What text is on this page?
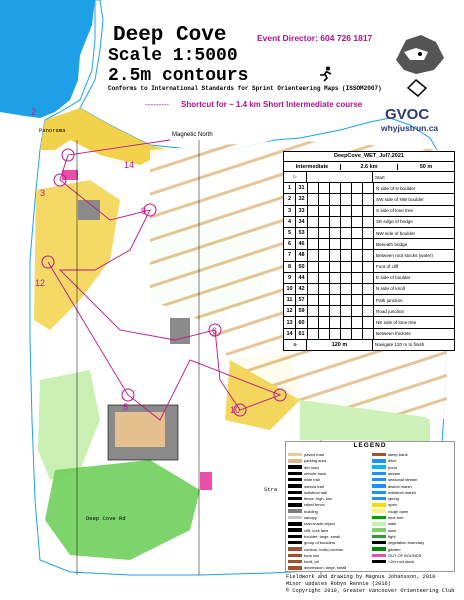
Deep Cove
Scale 1:5000
2.5m contours
Conforms to International Standards for Sprint Orienteering Maps (ISSOM2007)
Event Director: 604 726 1817
--------- Shortcut for ~ 1.4 km Short Intermediate course
Magnetic North
GVOC
whyjustrun.ca
Panorama
Deep Cove Rd
Stra
2
3
6
8
9
10
12
14
DeepCove_WET_Jul7.2021
Intermediate	2.6 km	50 m
▷	Start
1	31	N side of N boulder
2	32	SW side of NW boulder
3	33	S side of lone tree
4	34	SE edge of hedge
5	53	NW side of boulder
6	46	Beneath bridge
7	48	Between root stocks (water)
8	50	Foot of cliff
9	44	E side of boulder
10	42	N side of knoll
11	57	Path junction
12	59	Road junction
13	60	NE side of lone tree
14	61	Between thickets
⊗	120 m	Navigate 120 m to finish
LEGEND
paved road
parking area
dirt road
vehicle track
wide trail
narrow trail
indistinct trail
fence: high, low
railed fence
building
canopy
man-made object
cliff, rock face
boulder: large, small
group of boulders
contour, index contour
form line
knoll, pit
depression: large, small
steep bank
ditch
pond
stream
seasonal stream
district marsh
indistinct marsh
spring
open
rough open
lone tree
walk
slow
fight
vegetation boundary
garden
OUT OF BOUNDS
<2m root stock
Fieldwork and drawing by Magnus Johansson, 2010
Minor updates Robyn Rennie (2016)
© Copyright 2010, Greater Vancouver Orienteering Club
